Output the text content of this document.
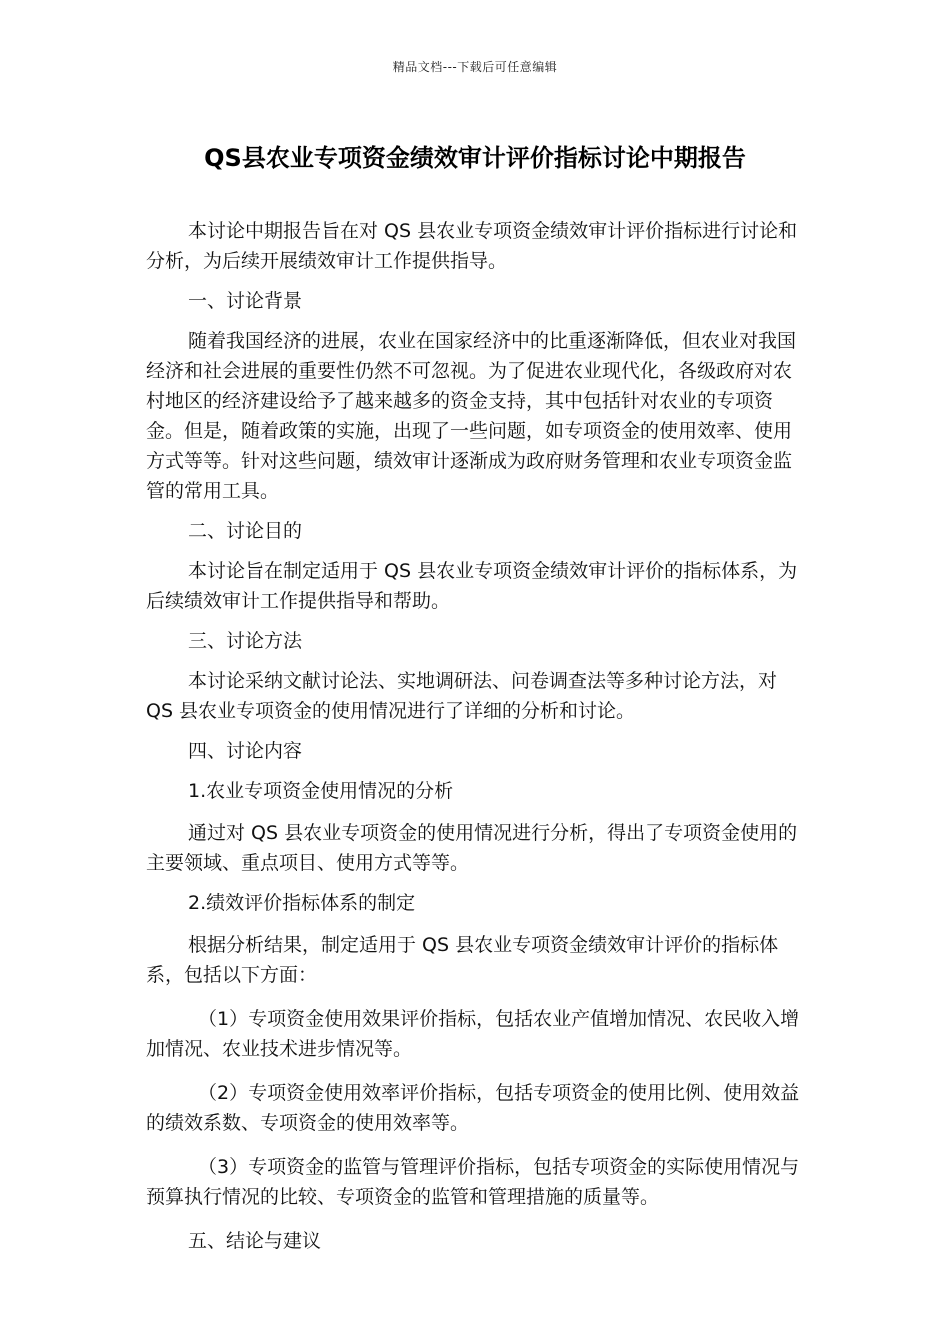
精品文档---下载后可任意编辑
QS县农业专项资金绩效审计评价指标讨论中期报告

本讨论中期报告旨在对 QS 县农业专项资金绩效审计评价指标进行讨论和分析，为后续开展绩效审计工作提供指导。

一、讨论背景

随着我国经济的进展，农业在国家经济中的比重逐渐降低，但农业对我国经济和社会进展的重要性仍然不可忽视。为了促进农业现代化，各级政府对农村地区的经济建设给予了越来越多的资金支持，其中包括针对农业的专项资金。但是，随着政策的实施，出现了一些问题，如专项资金的使用效率、使用方式等等。针对这些问题，绩效审计逐渐成为政府财务管理和农业专项资金监管的常用工具。

二、讨论目的

本讨论旨在制定适用于 QS 县农业专项资金绩效审计评价的指标体系，为后续绩效审计工作提供指导和帮助。

三、讨论方法

本讨论采纳文献讨论法、实地调研法、问卷调查法等多种讨论方法，对 QS 县农业专项资金的使用情况进行了详细的分析和讨论。

四、讨论内容

1.农业专项资金使用情况的分析

通过对 QS 县农业专项资金的使用情况进行分析，得出了专项资金使用的主要领域、重点项目、使用方式等等。

2.绩效评价指标体系的制定

根据分析结果，制定适用于 QS 县农业专项资金绩效审计评价的指标体系，包括以下方面：

（1）专项资金使用效果评价指标，包括农业产值增加情况、农民收入增加情况、农业技术进步情况等。

（2）专项资金使用效率评价指标，包括专项资金的使用比例、使用效益的绩效系数、专项资金的使用效率等。

（3）专项资金的监管与管理评价指标，包括专项资金的实际使用情况与预算执行情况的比较、专项资金的监管和管理措施的质量等。

五、结论与建议
